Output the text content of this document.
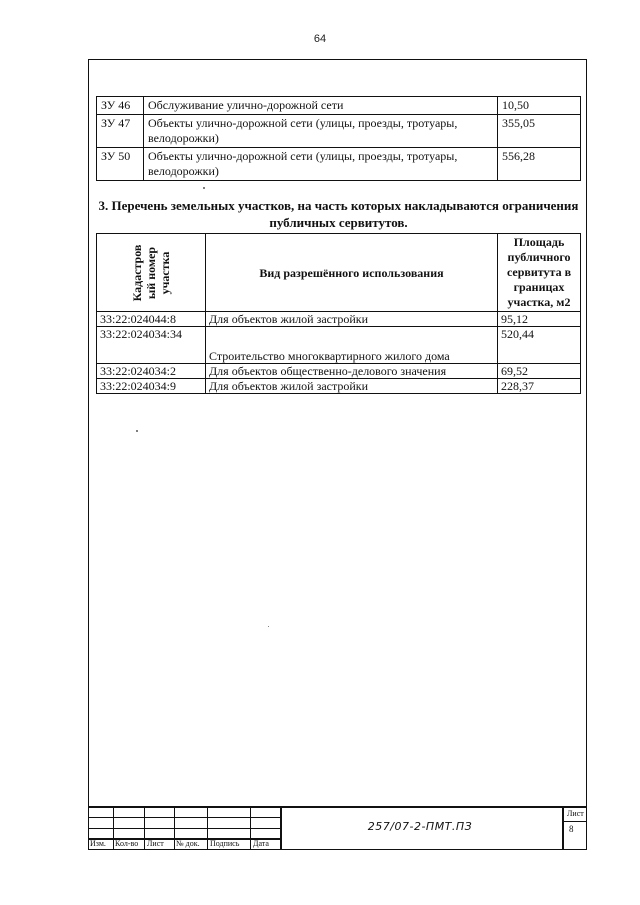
64
ЗУ 46	Обслуживание улично-дорожной сети	10,50
ЗУ 47	Объекты улично-дорожной сети (улицы, проезды, тротуары, велодорожки)	355,05
ЗУ 50	Объекты улично-дорожной сети (улицы, проезды, тротуары, велодорожки)	556,28
3. Перечень земельных участков, на часть которых накладываются ограничения публичных сервитутов.
Кадастров ый номер участка	Вид разрешённого использования	Площадь публичного сервитута в границах участка, м2
33:22:024044:8	Для объектов жилой застройки	95,12
33:22:024034:34	Строительство многоквартирного жилого дома	520,44
33:22:024034:2	Для объектов общественно-делового значения	69,52
33:22:024034:9	Для объектов жилой застройки	228,37
Изм. Кол-во Лист № док. Подпись Дата
257/07-2-ПМТ.ПЗ
Лист
8
